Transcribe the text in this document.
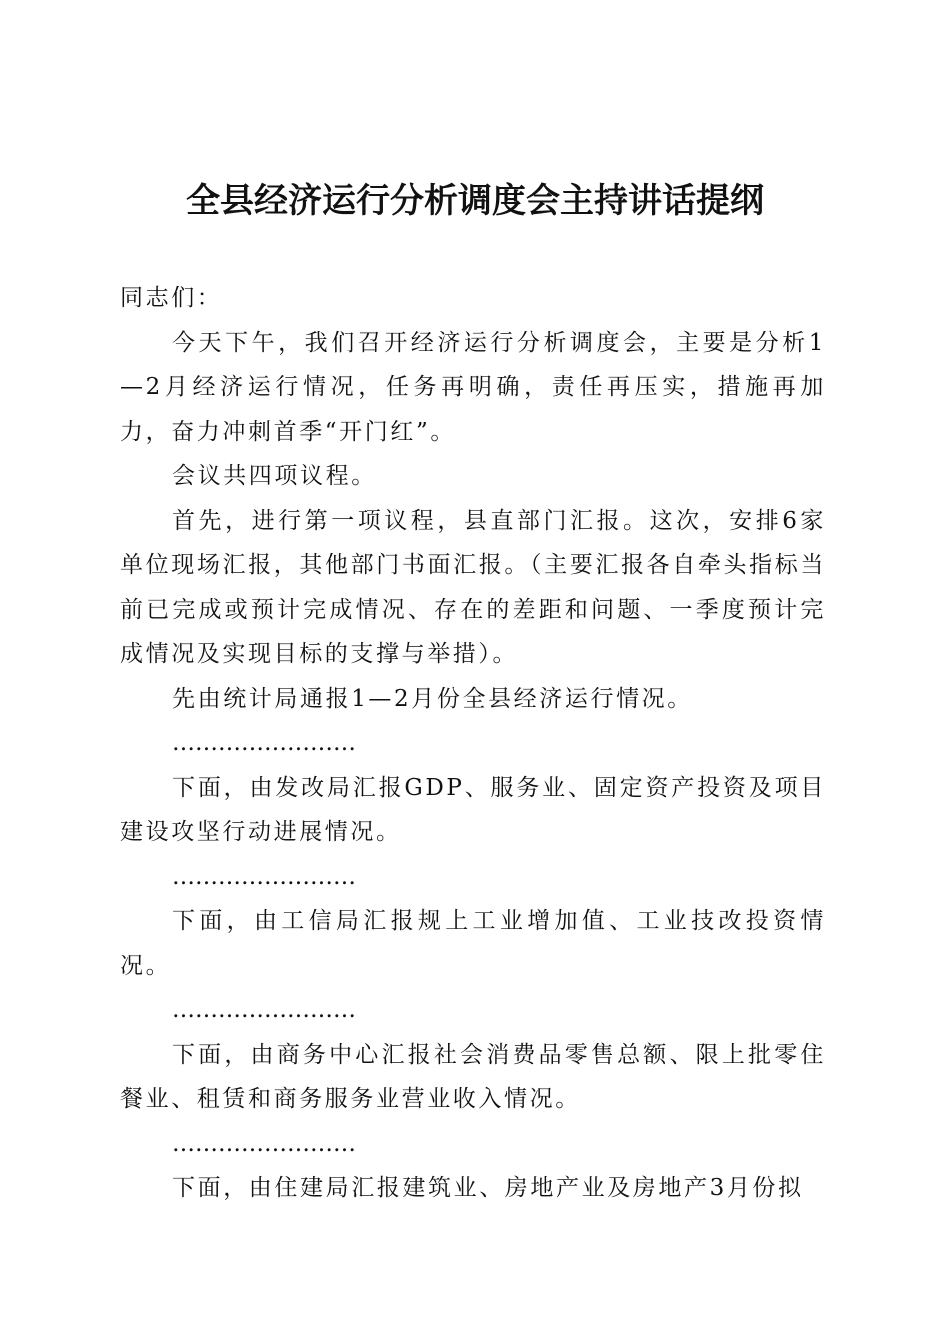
全县经济运行分析调度会主持讲话提纲

同志们：

今天下午，我们召开经济运行分析调度会，主要是分析1—2月经济运行情况，任务再明确，责任再压实，措施再加力，奋力冲刺首季“开门红”。

会议共四项议程。

首先，进行第一项议程，县直部门汇报。这次，安排6家单位现场汇报，其他部门书面汇报。（主要汇报各自牵头指标当前已完成或预计完成情况、存在的差距和问题、一季度预计完成情况及实现目标的支撑与举措）。

先由统计局通报1—2月份全县经济运行情况。

……………………

下面，由发改局汇报GDP、服务业、固定资产投资及项目建设攻坚行动进展情况。

……………………

下面，由工信局汇报规上工业增加值、工业技改投资情况。

……………………

下面，由商务中心汇报社会消费品零售总额、限上批零住餐业、租赁和商务服务业营业收入情况。

……………………

下面，由住建局汇报建筑业、房地产业及房地产3月份拟
